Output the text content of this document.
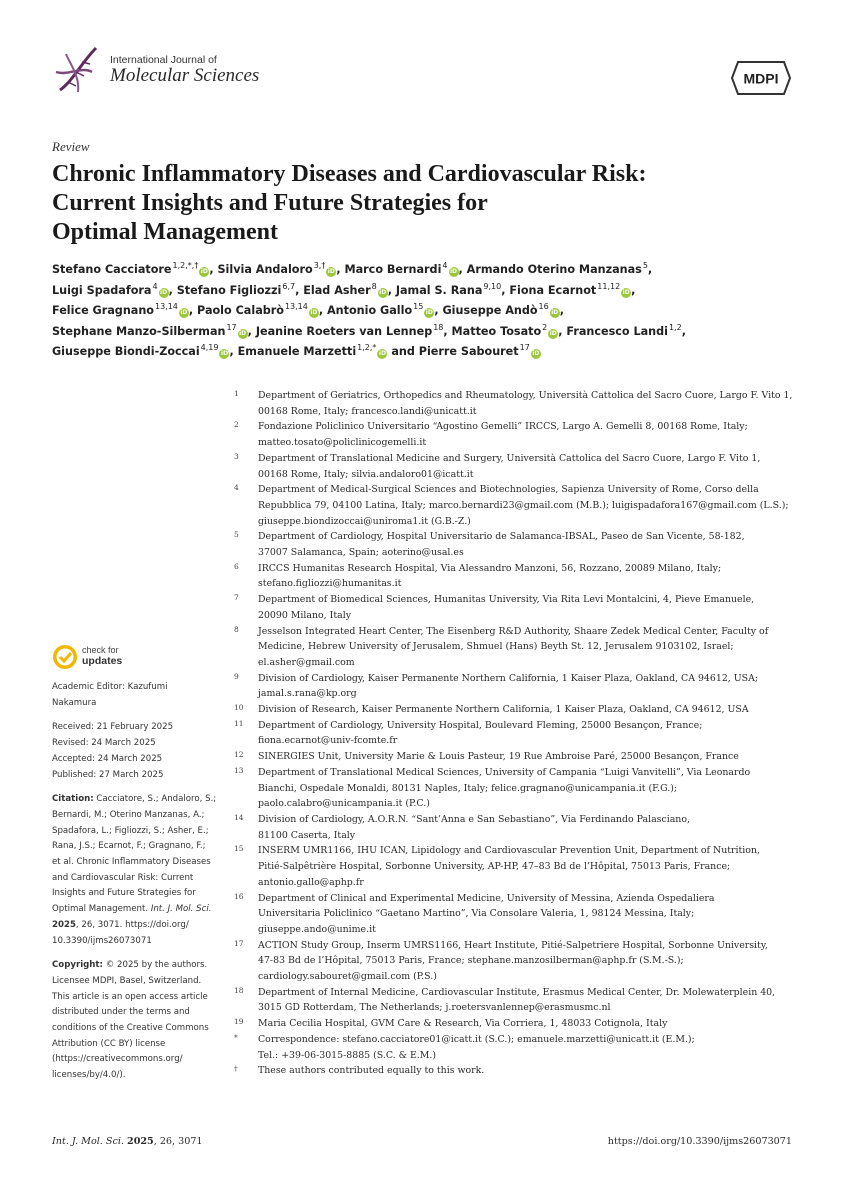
International Journal of
Molecular Sciences	MDPI
Review
Chronic Inflammatory Diseases and Cardiovascular Risk:
Current Insights and Future Strategies for
Optimal Management
Stefano Cacciatore$^{1,2,*,\dagger}$iD, Silvia Andaloro$^{3,\dagger}$iD, Marco Bernardi$^4$iD, Armando Oterino Manzanas$^5$,
Luigi Spadafora$^4$iD, Stefano Figliozzi$^{6,7}$, Elad Asher$^8$iD, Jamal S. Rana$^{9,10}$, Fiona Ecarnot$^{11,12}$iD,
Felice Gragnano$^{13,14}$iD, Paolo Calabrò$^{13,14}$iD, Antonio Gallo$^{15}$iD, Giuseppe Andò$^{16}$iD,
Stephane Manzo-Silberman$^{17}$iD, Jeanine Roeters van Lennep$^{18}$, Matteo Tosato$^2$iD, Francesco Landi$^{1,2}$,
Giuseppe Biondi-Zoccai$^{4,19}$iD, Emanuele Marzetti$^{1,2,*}$iD and Pierre Sabouret$^{17}$iD
check for
updates
Academic Editor: Kazufumi
Nakamura
Received: 21 February 2025
Revised: 24 March 2025
Accepted: 24 March 2025
Published: 27 March 2025
Citation: Cacciatore, S.; Andaloro, S.;
Bernardi, M.; Oterino Manzanas, A.;
Spadafora, L.; Figliozzi, S.; Asher, E.;
Rana, J.S.; Ecarnot, F.; Gragnano, F.;
et al. Chronic Inflammatory Diseases
and Cardiovascular Risk: Current
Insights and Future Strategies for
Optimal Management. Int. J. Mol. Sci.
2025, 26, 3071. https://doi.org/
10.3390/ijms26073071
Copyright: © 2025 by the authors.
Licensee MDPI, Basel, Switzerland.
This article is an open access article
distributed under the terms and
conditions of the Creative Commons
Attribution (CC BY) license
(https://creativecommons.org/
licenses/by/4.0/).
1	Department of Geriatrics, Orthopedics and Rheumatology, Università Cattolica del Sacro Cuore, Largo F. Vito 1,
00168 Rome, Italy; francesco.landi@unicatt.it
2	Fondazione Policlinico Universitario “Agostino Gemelli” IRCCS, Largo A. Gemelli 8, 00168 Rome, Italy;
matteo.tosato@policlinicogemelli.it
3	Department of Translational Medicine and Surgery, Università Cattolica del Sacro Cuore, Largo F. Vito 1,
00168 Rome, Italy; silvia.andaloro01@icatt.it
4	Department of Medical-Surgical Sciences and Biotechnologies, Sapienza University of Rome, Corso della
Repubblica 79, 04100 Latina, Italy; marco.bernardi23@gmail.com (M.B.); luigispadafora167@gmail.com (L.S.);
giuseppe.biondizoccai@uniroma1.it (G.B.-Z.)
5	Department of Cardiology, Hospital Universitario de Salamanca-IBSAL, Paseo de San Vicente, 58-182,
37007 Salamanca, Spain; aoterino@usal.es
6	IRCCS Humanitas Research Hospital, Via Alessandro Manzoni, 56, Rozzano, 20089 Milano, Italy;
stefano.figliozzi@humanitas.it
7	Department of Biomedical Sciences, Humanitas University, Via Rita Levi Montalcini, 4, Pieve Emanuele,
20090 Milano, Italy
8	Jesselson Integrated Heart Center, The Eisenberg R&D Authority, Shaare Zedek Medical Center, Faculty of
Medicine, Hebrew University of Jerusalem, Shmuel (Hans) Beyth St. 12, Jerusalem 9103102, Israel;
el.asher@gmail.com
9	Division of Cardiology, Kaiser Permanente Northern California, 1 Kaiser Plaza, Oakland, CA 94612, USA;
jamal.s.rana@kp.org
10	Division of Research, Kaiser Permanente Northern California, 1 Kaiser Plaza, Oakland, CA 94612, USA
11	Department of Cardiology, University Hospital, Boulevard Fleming, 25000 Besançon, France;
fiona.ecarnot@univ-fcomte.fr
12	SINERGIES Unit, University Marie & Louis Pasteur, 19 Rue Ambroise Paré, 25000 Besançon, France
13	Department of Translational Medical Sciences, University of Campania “Luigi Vanvitelli”, Via Leonardo
Bianchi, Ospedale Monaldi, 80131 Naples, Italy; felice.gragnano@unicampania.it (F.G.);
paolo.calabro@unicampania.it (P.C.)
14	Division of Cardiology, A.O.R.N. “Sant’Anna e San Sebastiano”, Via Ferdinando Palasciano,
81100 Caserta, Italy
15	INSERM UMR1166, IHU ICAN, Lipidology and Cardiovascular Prevention Unit, Department of Nutrition,
Pitié-Salpêtrière Hospital, Sorbonne University, AP-HP, 47–83 Bd de l’Hôpital, 75013 Paris, France;
antonio.gallo@aphp.fr
16	Department of Clinical and Experimental Medicine, University of Messina, Azienda Ospedaliera
Universitaria Policlinico “Gaetano Martino”, Via Consolare Valeria, 1, 98124 Messina, Italy;
giuseppe.ando@unime.it
17	ACTION Study Group, Inserm UMRS1166, Heart Institute, Pitié-Salpetriere Hospital, Sorbonne University,
47-83 Bd de l’Hôpital, 75013 Paris, France; stephane.manzosilberman@aphp.fr (S.M.-S.);
cardiology.sabouret@gmail.com (P.S.)
18	Department of Internal Medicine, Cardiovascular Institute, Erasmus Medical Center, Dr. Molewaterplein 40,
3015 GD Rotterdam, The Netherlands; j.roetersvanlennep@erasmusmc.nl
19	Maria Cecilia Hospital, GVM Care & Research, Via Corriera, 1, 48033 Cotignola, Italy
*	Correspondence: stefano.cacciatore01@icatt.it (S.C.); emanuele.marzetti@unicatt.it (E.M.);
Tel.: +39-06-3015-8885 (S.C. & E.M.)
†	These authors contributed equally to this work.
Int. J. Mol. Sci. 2025, 26, 3071	https://doi.org/10.3390/ijms26073071
